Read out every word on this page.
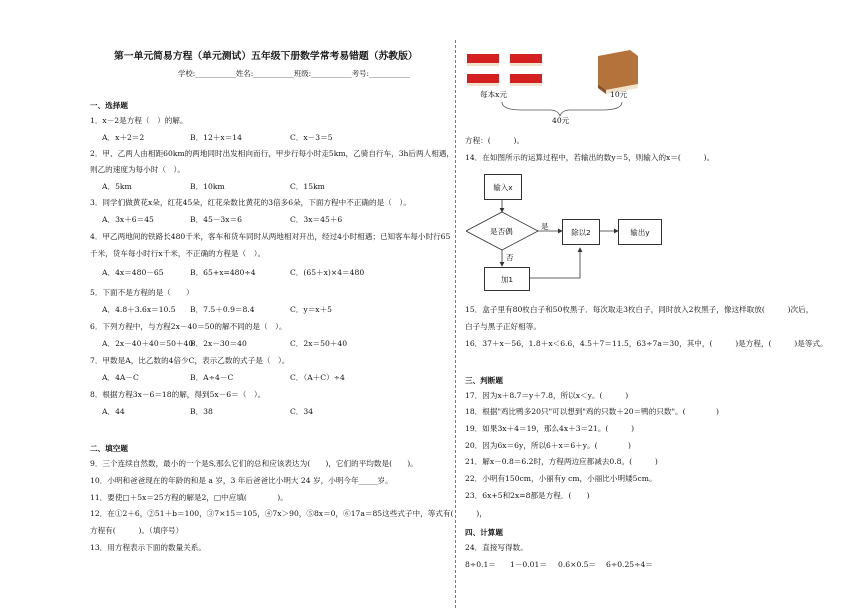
第一单元简易方程（单元测试）五年级下册数学常考易错题（苏教版）
学校:___________姓名:___________班级:___________考号:___________
一、选择题
1．x－2是方程（　）的解。
A．x＋2＝2	B．12＋x＝14	C．x－3＝5
2．甲、乙两人由相距60km的两地同时出发相向而行，甲步行每小时走5km，乙骑自行车，3h后两人相遇，
则乙的速度为每小时（　）。
A．5km	B．10km	C．15km
3．同学们做黄花x朵，红花45朵，红花朵数比黄花的3倍多6朵，下面方程中不正确的是（　）。
A．3x＋6＝45	B．45－3x＝6	C．3x＝45＋6
4．甲乙两地间的铁路长480千米，客车和货车同时从两地相对开出，经过4小时相遇；已知客车每小时行65
千米，货车每小时行x千米，不正确的方程是（　）。
A．4x＝480－65	B．65+x=480÷4	C．(65＋x)×4＝480
5．下面不是方程的是（　　）
A．4.8＋3.6x＝10.5 B．7.5＋0.9＝8.4	C．y＝x＋5
6．下列方程中，与方程2x－40＝50的解不同的是（　）。
A．2x－40＋40＝50＋40
B．2x－30＝40	C．2x＝50＋40
7．甲数是A，比乙数的4倍少C，表示乙数的式子是（　）。
A．4A－C	B．A÷4－C	C．（A＋C）÷4
8．根据方程3x－6＝18的解，得到5x－6＝（　）。
A．44	B．38	C．34
二、填空题
9．三个连续自然数，最小的一个是S,那么它们的总和应该表达为(　　)，它们的平均数是(　　)。
10．小明和爸爸现在的年龄的和是 a 岁，3 年后爸爸比小明大 24 岁，小明今年_____岁。
11．要使□＋5x＝25方程的解是2，□中应填(　　　　)。
12．在①2＋6，②51＋b＝100，③7×15＝105，④7x＞90，⑤8x＝0，⑥17a＝85这些式子中，等式有(　　　)，
方程有(　　　)。（填序号）
13．用方程表示下面的数量关系。
每本x元	10元
40元
方程：(　　　)。
14．在如图所示的运算过程中，若输出的数y＝5，则输入的x＝(　　　)。
输入x
是否偶
是
否
除以2	输出y
加1
15．盒子里有80枚白子和50枚黑子．每次取走3枚白子，同时放入2枚黑子，像这样取放(　　　)次后，
白子与黑子正好相等。
16．37＋x－56，1.8＋x＜6.6，4.5＋7＝11.5，63÷7a＝30，其中，(　　　)是方程，(　　　)是等式。
三、判断题
17．因为x＋8.7＝y＋7.8，所以x＜y。(　　　)
18．根据"鸡比鸭多20只"可以想到"鸡的只数＋20＝鸭的只数"。(　　　　)
19．如果3x＋4＝19，那么4x＋3＝21。(　　　)
20．因为6x＝6y，所以6＋x＝6＋y。(　　　　)
21．解x－0.8＝6.2时，方程两边应都减去0.8。(　　　)
22．小明有150cm，小丽有y cm，小丽比小明矮5cm。
23．6x+5和2x=8都是方程．(　　)
四、计算题
24．直接写得数。
8÷0.1＝ 1－0.01＝ 0.6×0.5＝ 6÷0.25÷4＝
